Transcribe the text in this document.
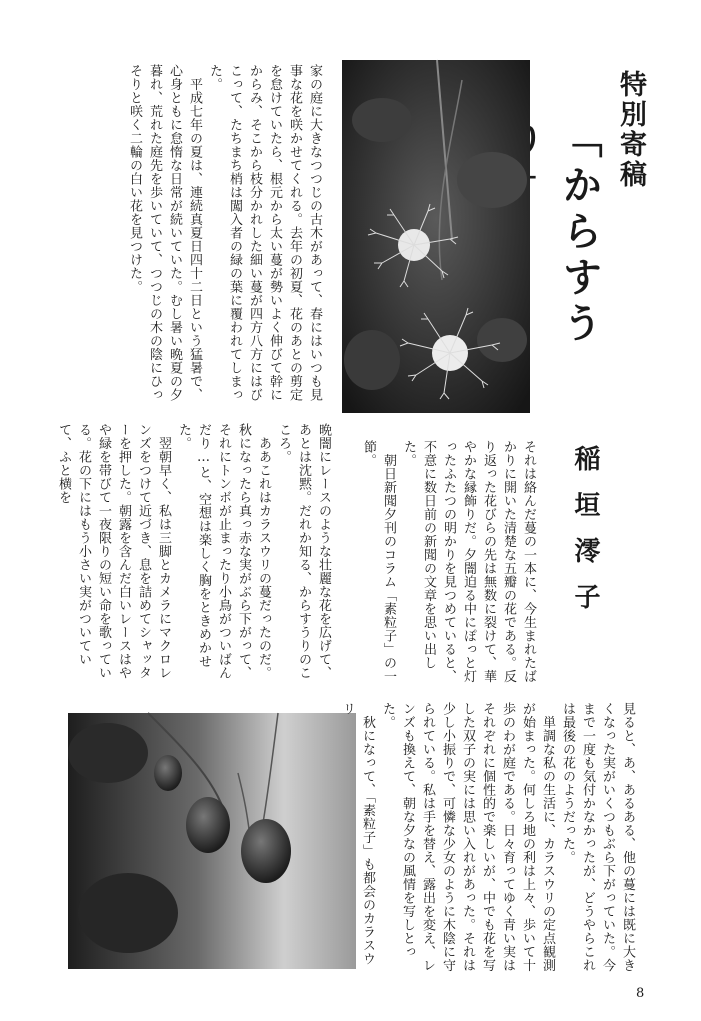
特別寄稿
「からすう
稲垣澪子
家の庭に大きなつつじの古木があって、春にはいつも見事な花を咲かせてくれる。去年の初夏、花のあとの剪定を怠けていたら、根元から太い蔓が勢いよく伸びて幹にからみ、そこから枝分かれした細い蔓が四方八方にはびこって、たちまち梢は闖入者の緑の葉に覆われてしまった。
　平成七年の夏は、連続真夏日四十二日という猛暑で、心身ともに怠惰な日常が続いていた。むし暑い晩夏の夕暮れ、荒れた庭先を歩いていて、つつじの木の陰にひっそりと咲く二輪の白い花を見つけた。
それは絡んだ蔓の一本に、今生まれたばかりに開いた清楚な五瓣の花である。反り返った花びらの先は無数に裂けて、華やかな縁飾りだ。夕闇迫る中にぽっと灯ったふたつの明かりを見つめていると、不意に数日前の新聞の文章を思い出した。
　朝日新聞夕刊のコラム「素粒子」の一節。
晩闇にレースのような壮麗な花を広げて、あとは沈黙。だれか知る、からすうりのこころ。
　ああこれはカラスウリの蔓だったのだ。秋になったら真っ赤な実がぶら下がって、それにトンボが止まったり小鳥がついばんだり…と、空想は楽しく胸をときめかせた。
　翌朝早く、私は三脚とカメラにマクロレンズをつけて近づき、息を詰めてシャッターを押した。朝露を含んだ白いレースはやや緑を帯びて一夜限りの短い命を歌っている。花の下にはもう小さい実がついていて、ふと横を
見ると、あ、あるある、他の蔓には既に大きくなった実がいくつもぶら下がっていた。今まで一度も気付かなかったが、どうやらこれは最後の花のようだった。
　単調な私の生活に、カラスウリの定点観測が始まった。何しろ地の利は上々、歩いて十歩のわが庭である。日々育ってゆく青い実はそれぞれに個性的で楽しいが、中でも花を写した双子の実には思い入れがあった。それは少し小振りで、可憐な少女のように木陰に守られている。私は手を替え、露出を変え、レンズも換えて、朝な夕なの風情を写しとった。
　秋になって、「素粒子」も都会のカラスウリ
8
